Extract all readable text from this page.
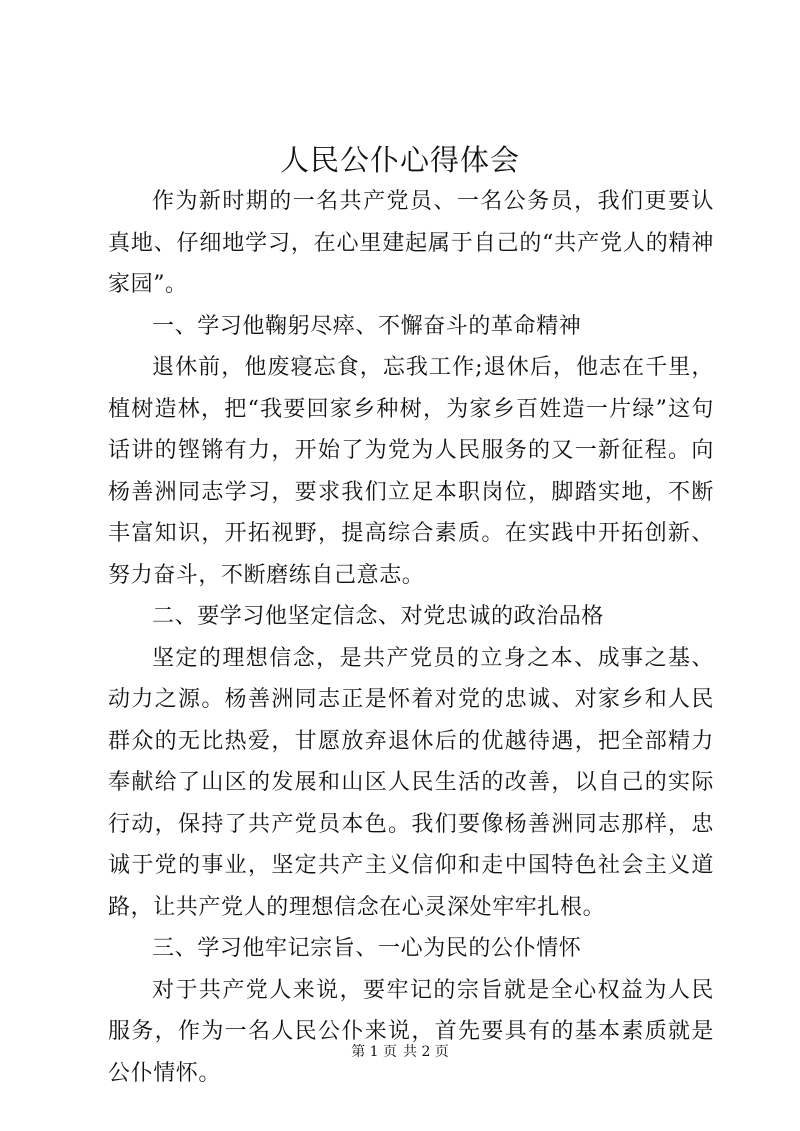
人民公仆心得体会

作为新时期的一名共产党员、一名公务员，我们更要认真地、仔细地学习，在心里建起属于自己的“共产党人的精神家园”。

一、学习他鞠躬尽瘁、不懈奋斗的革命精神

退休前，他废寝忘食，忘我工作;退休后，他志在千里，植树造林，把“我要回家乡种树，为家乡百姓造一片绿”这句话讲的铿锵有力，开始了为党为人民服务的又一新征程。向杨善洲同志学习，要求我们立足本职岗位，脚踏实地，不断丰富知识，开拓视野，提高综合素质。在实践中开拓创新、努力奋斗，不断磨练自己意志。

二、要学习他坚定信念、对党忠诚的政治品格

坚定的理想信念，是共产党员的立身之本、成事之基、动力之源。杨善洲同志正是怀着对党的忠诚、对家乡和人民群众的无比热爱，甘愿放弃退休后的优越待遇，把全部精力奉献给了山区的发展和山区人民生活的改善，以自己的实际行动，保持了共产党员本色。我们要像杨善洲同志那样，忠诚于党的事业，坚定共产主义信仰和走中国特色社会主义道路，让共产党人的理想信念在心灵深处牢牢扎根。

三、学习他牢记宗旨、一心为民的公仆情怀

对于共产党人来说，要牢记的宗旨就是全心权益为人民服务，作为一名人民公仆来说，首先要具有的基本素质就是公仆情怀。

第 1 页 共 2 页
